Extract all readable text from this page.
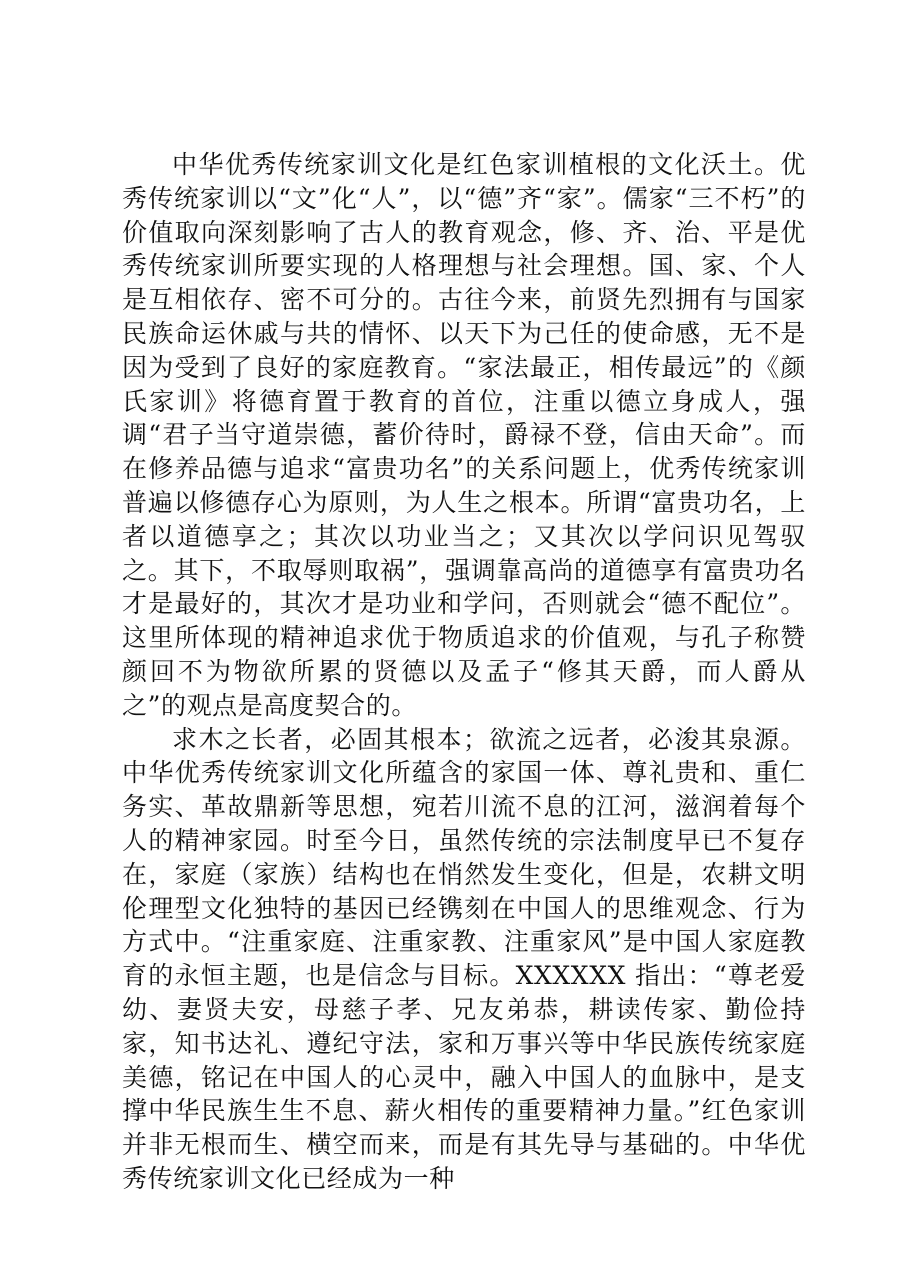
中华优秀传统家训文化是红色家训植根的文化沃土。优秀传统家训以“文”化“人”，以“德”齐“家”。儒家“三不朽”的价值取向深刻影响了古人的教育观念，修、齐、治、平是优秀传统家训所要实现的人格理想与社会理想。国、家、个人是互相依存、密不可分的。古往今来，前贤先烈拥有与国家民族命运休戚与共的情怀、以天下为己任的使命感，无不是因为受到了良好的家庭教育。“家法最正，相传最远”的《颜氏家训》将德育置于教育的首位，注重以德立身成人，强调“君子当守道崇德，蓄价待时，爵禄不登，信由天命”。而在修养品德与追求“富贵功名”的关系问题上，优秀传统家训普遍以修德存心为原则，为人生之根本。所谓“富贵功名，上者以道德享之；其次以功业当之；又其次以学问识见驾驭之。其下，不取辱则取祸”，强调靠高尚的道德享有富贵功名才是最好的，其次才是功业和学问，否则就会“德不配位”。这里所体现的精神追求优于物质追求的价值观，与孔子称赞颜回不为物欲所累的贤德以及孟子“修其天爵，而人爵从之”的观点是高度契合的。

求木之长者，必固其根本；欲流之远者，必浚其泉源。中华优秀传统家训文化所蕴含的家国一体、尊礼贵和、重仁务实、革故鼎新等思想，宛若川流不息的江河，滋润着每个人的精神家园。时至今日，虽然传统的宗法制度早已不复存在，家庭（家族）结构也在悄然发生变化，但是，农耕文明伦理型文化独特的基因已经镌刻在中国人的思维观念、行为方式中。“注重家庭、注重家教、注重家风”是中国人家庭教育的永恒主题，也是信念与目标。XXXXXX 指出：“尊老爱幼、妻贤夫安，母慈子孝、兄友弟恭，耕读传家、勤俭持家，知书达礼、遵纪守法，家和万事兴等中华民族传统家庭美德，铭记在中国人的心灵中，融入中国人的血脉中，是支撑中华民族生生不息、薪火相传的重要精神力量。”红色家训并非无根而生、横空而来，而是有其先导与基础的。中华优秀传统家训文化已经成为一种
